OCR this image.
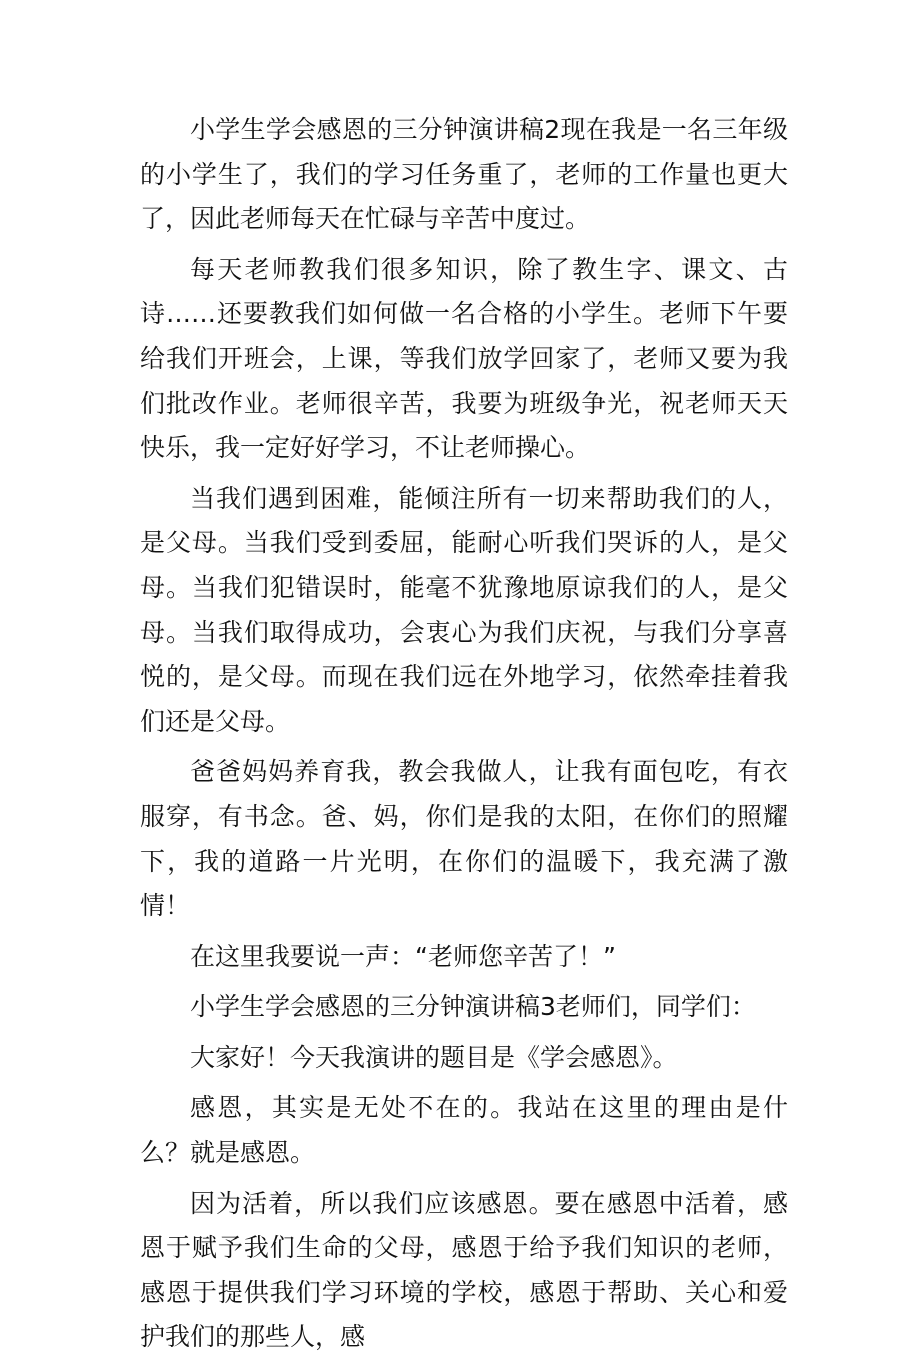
小学生学会感恩的三分钟演讲稿2现在我是一名三年级的小学生了，我们的学习任务重了，老师的工作量也更大了，因此老师每天在忙碌与辛苦中度过。

每天老师教我们很多知识，除了教生字、课文、古诗……还要教我们如何做一名合格的小学生。老师下午要给我们开班会，上课，等我们放学回家了，老师又要为我们批改作业。老师很辛苦，我要为班级争光，祝老师天天快乐，我一定好好学习，不让老师操心。

当我们遇到困难，能倾注所有一切来帮助我们的人，是父母。当我们受到委屈，能耐心听我们哭诉的人，是父母。当我们犯错误时，能毫不犹豫地原谅我们的人，是父母。当我们取得成功，会衷心为我们庆祝，与我们分享喜悦的，是父母。而现在我们远在外地学习，依然牵挂着我们还是父母。

爸爸妈妈养育我，教会我做人，让我有面包吃，有衣服穿，有书念。爸、妈，你们是我的太阳，在你们的照耀下，我的道路一片光明，在你们的温暖下，我充满了激情！

在这里我要说一声：“老师您辛苦了！”

小学生学会感恩的三分钟演讲稿3老师们，同学们：

大家好！今天我演讲的题目是《学会感恩》。

感恩，其实是无处不在的。我站在这里的理由是什么？就是感恩。

因为活着，所以我们应该感恩。要在感恩中活着，感恩于赋予我们生命的父母，感恩于给予我们知识的老师，感恩于提供我们学习环境的学校，感恩于帮助、关心和爱护我们的那些人，感
